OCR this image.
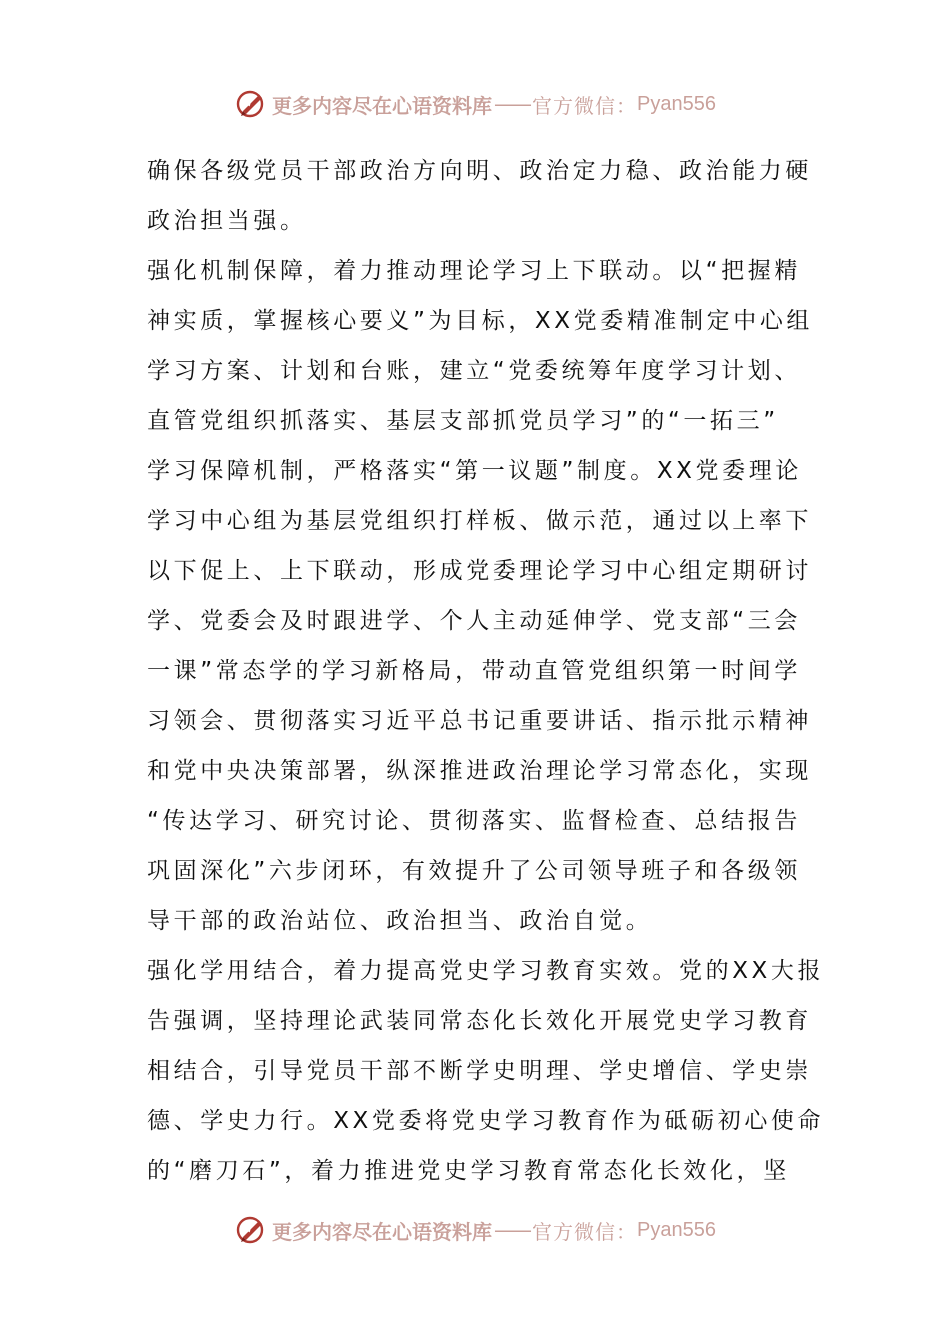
更多内容尽在心语资料库 —— 官方微信： Pyan556
确保各级党员干部政治方向明、政治定力稳、政治能力硬
政治担当强。
强化机制保障，着力推动理论学习上下联动。以“把握精
神实质，掌握核心要义”为目标，XX党委精准制定中心组
学习方案、计划和台账，建立“党委统筹年度学习计划、
直管党组织抓落实、基层支部抓党员学习”的“一拓三”
学习保障机制，严格落实“第一议题”制度。XX党委理论
学习中心组为基层党组织打样板、做示范，通过以上率下
以下促上、上下联动，形成党委理论学习中心组定期研讨
学、党委会及时跟进学、个人主动延伸学、党支部“三会
一课”常态学的学习新格局，带动直管党组织第一时间学
习领会、贯彻落实习近平总书记重要讲话、指示批示精神
和党中央决策部署，纵深推进政治理论学习常态化，实现
“传达学习、研究讨论、贯彻落实、监督检查、总结报告
巩固深化”六步闭环，有效提升了公司领导班子和各级领
导干部的政治站位、政治担当、政治自觉。
强化学用结合，着力提高党史学习教育实效。党的XX大报
告强调，坚持理论武装同常态化长效化开展党史学习教育
相结合，引导党员干部不断学史明理、学史增信、学史崇
德、学史力行。XX党委将党史学习教育作为砥砺初心使命
的“磨刀石”，着力推进党史学习教育常态化长效化，坚
更多内容尽在心语资料库 —— 官方微信： Pyan556
